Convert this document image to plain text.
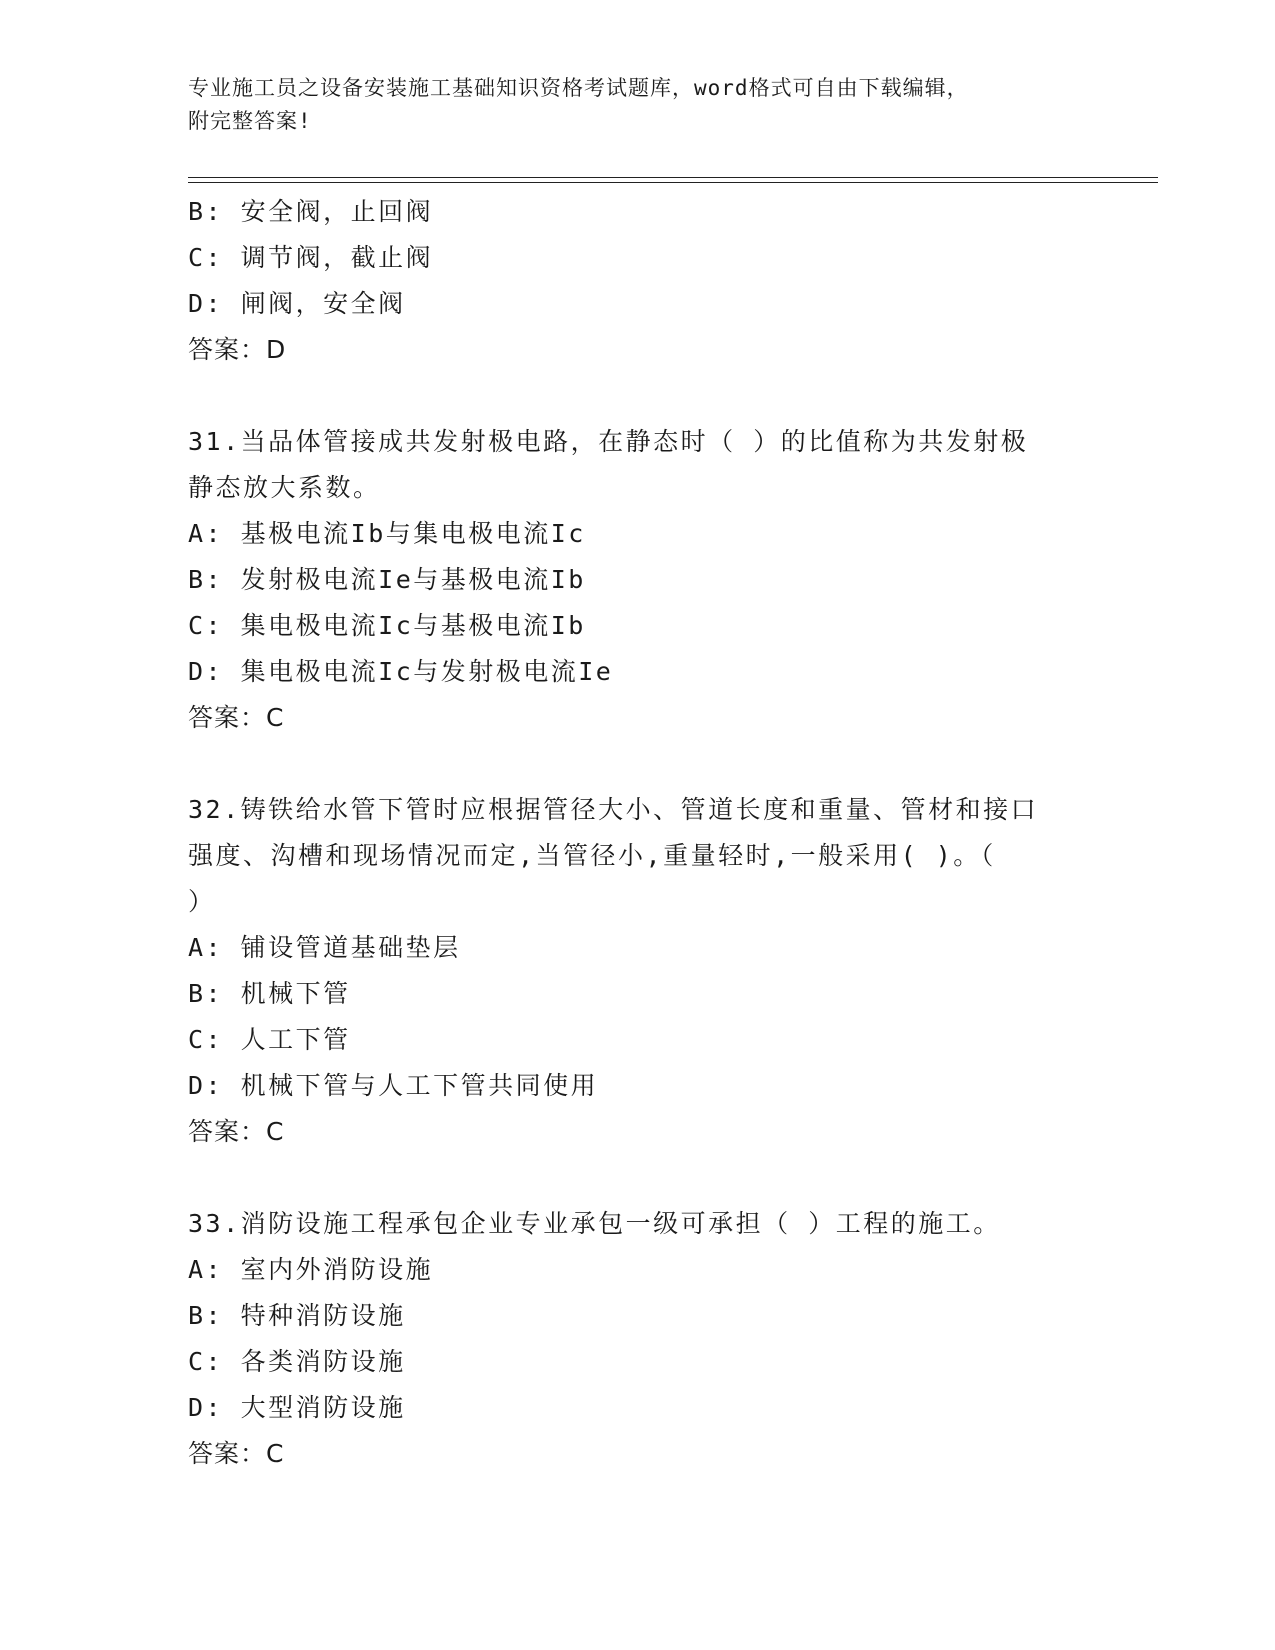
专业施工员之设备安装施工基础知识资格考试题库，word格式可自由下载编辑，
附完整答案!
B: 安全阀，止回阀
C: 调节阀，截止阀
D: 闸阀，安全阀
答案：D
31.当品体管接成共发射极电路，在静态时（ ）的比值称为共发射极
静态放大系数。
A: 基极电流Ib与集电极电流Ic
B: 发射极电流Ie与基极电流Ib
C: 集电极电流Ic与基极电流Ib
D: 集电极电流Ic与发射极电流Ie
答案：C
32.铸铁给水管下管时应根据管径大小、管道长度和重量、管材和接口
强度、沟槽和现场情况而定,当管径小,重量轻时,一般采用( )。（
）
A: 铺设管道基础垫层
B: 机械下管
C: 人工下管
D: 机械下管与人工下管共同使用
答案：C
33.消防设施工程承包企业专业承包一级可承担（ ）工程的施工。
A: 室内外消防设施
B: 特种消防设施
C: 各类消防设施
D: 大型消防设施
答案：C
